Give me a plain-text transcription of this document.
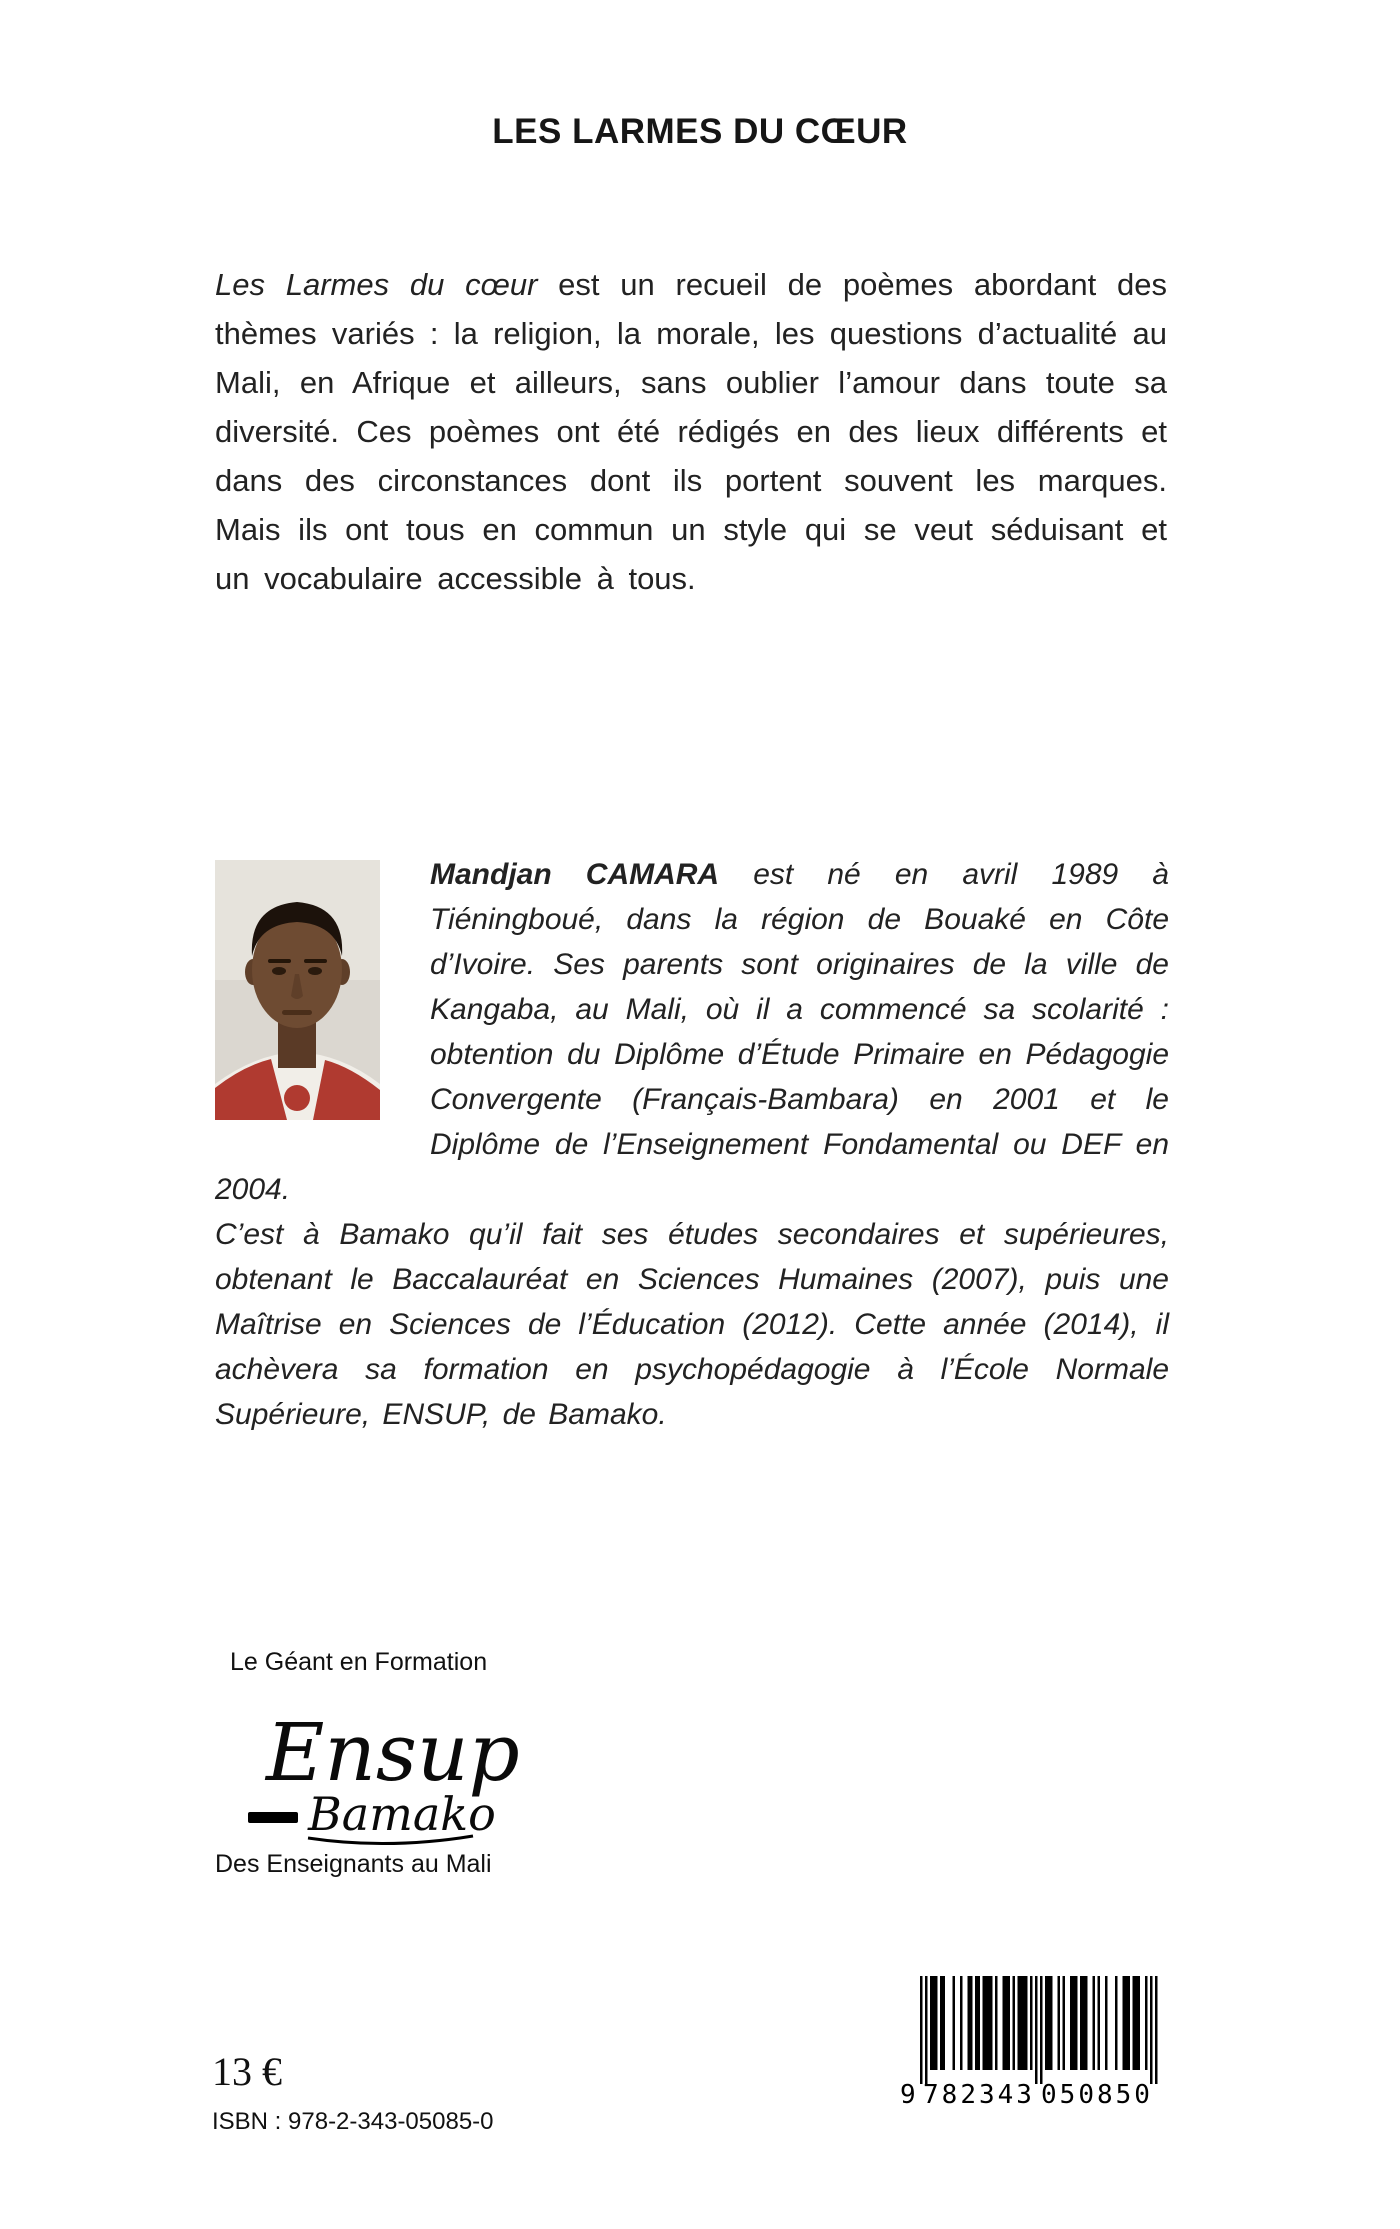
LES LARMES DU CŒUR

Les Larmes du cœur est un recueil de poèmes abordant des thèmes variés : la religion, la morale, les questions d’actualité au Mali, en Afrique et ailleurs, sans oublier l’amour dans toute sa diversité. Ces poèmes ont été rédigés en des lieux différents et dans des circonstances dont ils portent souvent les marques. Mais ils ont tous en commun un style qui se veut séduisant et un vocabulaire accessible à tous.

Mandjan CAMARA est né en avril 1989 à Tiéningboué, dans la région de Bouaké en Côte d’Ivoire. Ses parents sont originaires de la ville de Kangaba, au Mali, où il a commencé sa scolarité : obtention du Diplôme d’Étude Primaire en Pédagogie Convergente (Français-Bambara) en 2001 et le Diplôme de l’Enseignement Fondamental ou DEF en 2004.

C’est à Bamako qu’il fait ses études secondaires et supérieures, obtenant le Baccalauréat en Sciences Humaines (2007), puis une Maîtrise en Sciences de l’Éducation (2012). Cette année (2014), il achèvera sa formation en psychopédagogie à l’École Normale Supérieure, ENSUP, de Bamako.

Le Géant en Formation
Ensup
Bamako
Des Enseignants au Mali
13 €
ISBN : 978-2-343-05085-0
9 782343 050850
